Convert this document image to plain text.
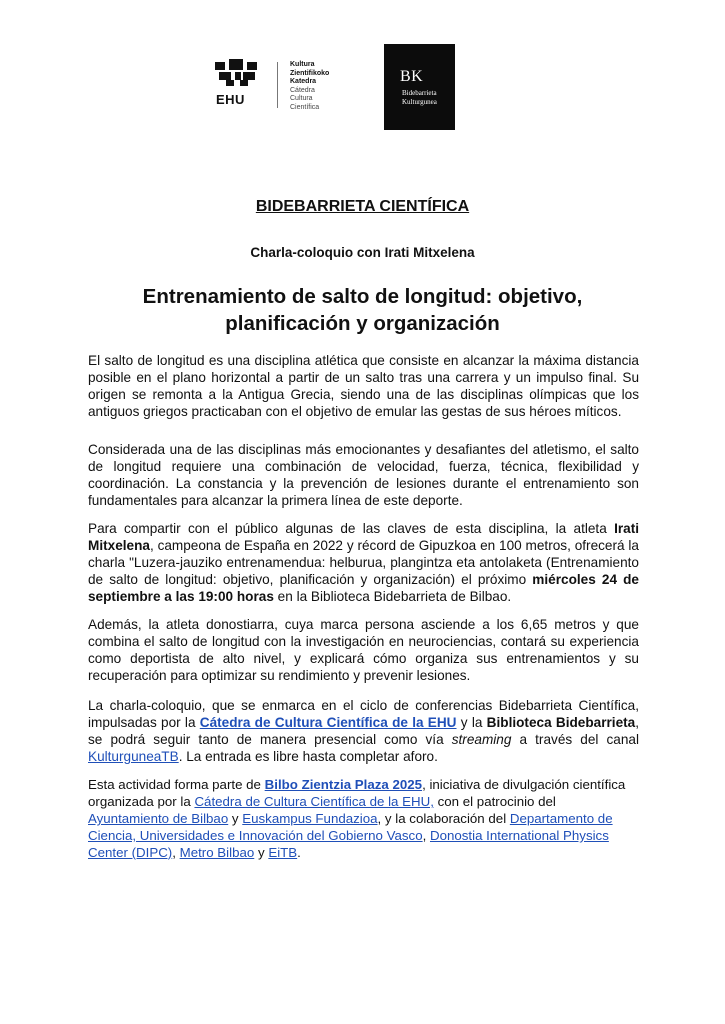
EHU
Kultura
Zientifikoko
Katedra
Cátedra
Cultura
Científica
BK
Bidebarrieta
Kulturgunea
BIDEBARRIETA CIENTÍFICA
Charla-coloquio con Irati Mitxelena
Entrenamiento de salto de longitud: objetivo,
planificación y organización

El salto de longitud es una disciplina atlética que consiste en alcanzar la máxima distancia posible en el plano horizontal a partir de un salto tras una carrera y un impulso final. Su origen se remonta a la Antigua Grecia, siendo una de las disciplinas olímpicas que los antiguos griegos practicaban con el objetivo de emular las gestas de sus héroes míticos.

Considerada una de las disciplinas más emocionantes y desafiantes del atletismo, el salto de longitud requiere una combinación de velocidad, fuerza, técnica, flexibilidad y coordinación. La constancia y la prevención de lesiones durante el entrenamiento son fundamentales para alcanzar la primera línea de este deporte.

Para compartir con el público algunas de las claves de esta disciplina, la atleta Irati Mitxelena, campeona de España en 2022 y récord de Gipuzkoa en 100 metros, ofrecerá la charla "Luzera-jauziko entrenamendua: helburua, plangintza eta antolaketa (Entrenamiento de salto de longitud: objetivo, planificación y organización) el próximo miércoles 24 de septiembre a las 19:00 horas en la Biblioteca Bidebarrieta de Bilbao.

Además, la atleta donostiarra, cuya marca persona asciende a los 6,65 metros y que combina el salto de longitud con la investigación en neurociencias, contará su experiencia como deportista de alto nivel, y explicará cómo organiza sus entrenamientos y su recuperación para optimizar su rendimiento y prevenir lesiones.

La charla-coloquio, que se enmarca en el ciclo de conferencias Bidebarrieta Científica, impulsadas por la Cátedra de Cultura Científica de la EHU y la Biblioteca Bidebarrieta, se podrá seguir tanto de manera presencial como vía streaming a través del canal KulturguneaTB. La entrada es libre hasta completar aforo.

Esta actividad forma parte de Bilbo Zientzia Plaza 2025, iniciativa de divulgación científica organizada por la Cátedra de Cultura Científica de la EHU, con el patrocinio del Ayuntamiento de Bilbao y Euskampus Fundazioa, y la colaboración del Departamento de Ciencia, Universidades e Innovación del Gobierno Vasco, Donostia International Physics Center (DIPC), Metro Bilbao y EiTB.
